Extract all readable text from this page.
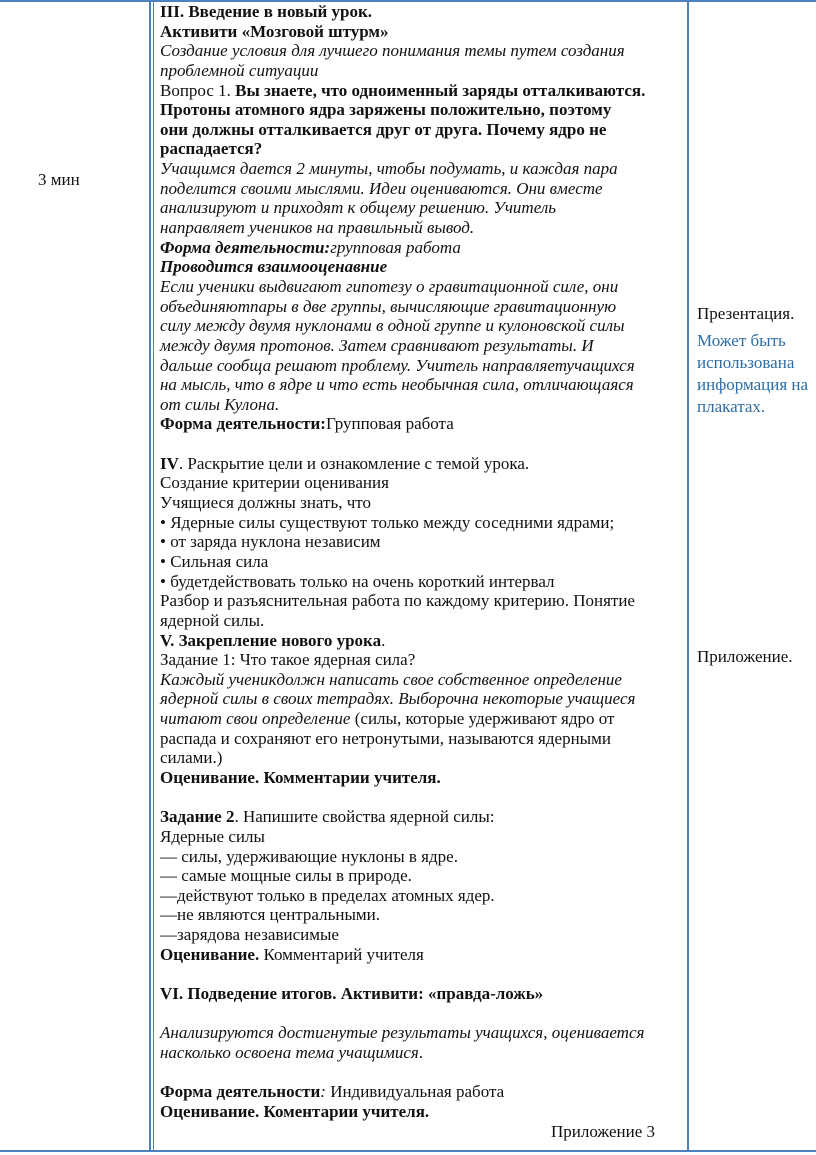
3 мин
III. Введение в новый урок.
Активити «Мозговой штурм»
Создание условия для лучшего понимания темы путем создания
проблемной ситуации
Вопрос 1. Вы знаете, что одноименный заряды отталкиваются.
Протоны атомного ядра заряжены положительно, поэтому
они должны отталкивается друг от друга. Почему ядро не
распадается?
Учащимся дается 2 минуты, чтобы подумать, и каждая пара
поделится своими мыслями. Идеи оцениваются. Они вместе
анализируют и приходят к общему решению. Учитель
направляет учеников на правильный вывод.
Форма деятельности:групповая работа
Проводится взаимооценавние
Если ученики выдвигают гипотезу о гравитационной силе, они
объединяютпары в две группы, вычисляющие гравитационную
силу между двумя нуклонами в одной группе и кулоновской силы
между двумя протонов. Затем сравнивают результаты. И
дальше сообща решают проблему. Учитель направляетучащихся
на мысль, что в ядре и что есть необычная сила, отличающаяся
от силы Кулона.
Форма деятельности:Групповая работа
IV. Раскрытие цели и ознакомление с темой урока.
Создание критерии оценивания
Учящиеся должны знать, что
• Ядерные силы существуют только между соседними ядрами;
• от заряда нуклона независим
• Сильная сила
• будетдействовать только на очень короткий интервал
Разбор и разъяснительная работа по каждому критерию. Понятие
ядерной силы.
V. Закрепление нового урока.
Задание 1: Что такое ядерная сила?
Каждый ученикдолжн написать свое собственное определение
ядерной силы в своих тетрадях. Выборочна некоторые учащиеся
читают свои определение (силы, которые удерживают ядро от
распада и сохраняют его нетронутыми, называются ядерными
силами.)
Оценивание. Комментарии учителя.
Задание 2. Напишите свойства ядерной силы:
Ядерные силы
— силы, удерживающие нуклоны в ядре.
— самые мощные силы в природе.
—действуют только в пределах атомных ядер.
—не являются центральными.
—зарядова независимые
Оценивание. Комментарий учителя
VI. Подведение итогов. Активити: «правда-ложь»
Анализируются достигнутые результаты учащихся, оценивается
насколько освоена тема учащимися.
Форма деятельности: Индивидуальная работа
Оценивание. Коментарии учителя.
Приложение 3
Презентация.
Может быть
использована
информация на
плакатах.
Приложение.
